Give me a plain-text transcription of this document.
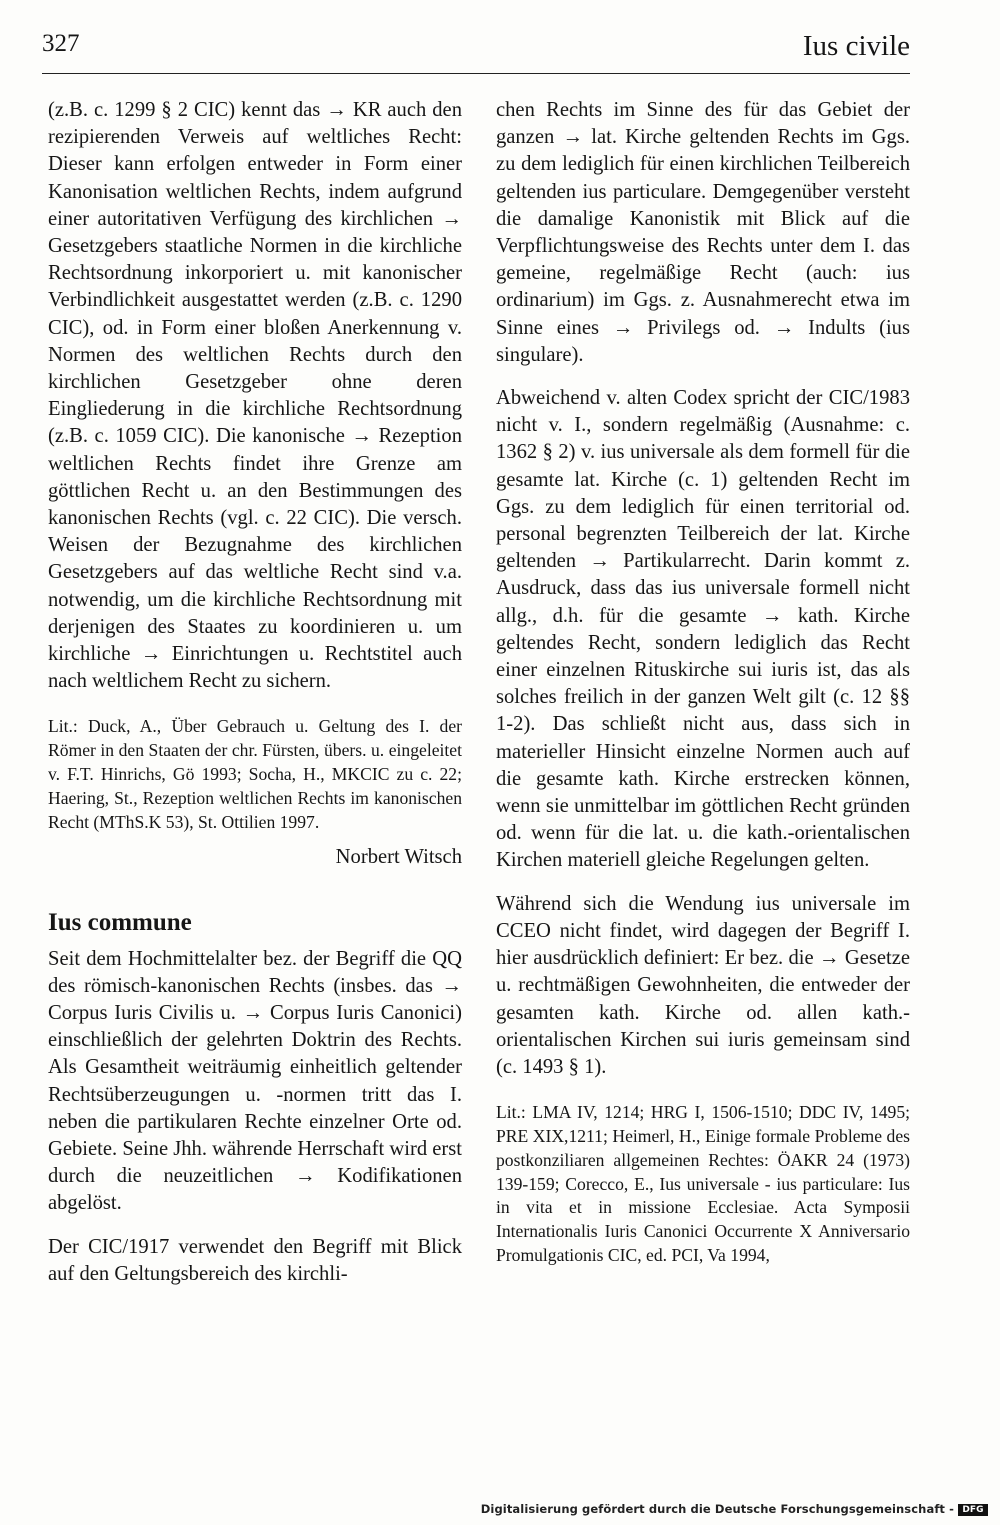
327	Ius civile

(z.B. c. 1299 § 2 CIC) kennt das → KR auch den rezipierenden Verweis auf weltliches Recht: Dieser kann erfolgen entweder in Form einer Kanonisation weltlichen Rechts, indem aufgrund einer autoritativen Verfügung des kirchlichen → Gesetzgebers staatliche Normen in die kirchliche Rechtsordnung inkorporiert u. mit kanonischer Verbindlichkeit ausgestattet werden (z.B. c. 1290 CIC), od. in Form einer bloßen Anerkennung v. Normen des weltlichen Rechts durch den kirchlichen Gesetzgeber ohne deren Eingliederung in die kirchliche Rechtsordnung (z.B. c. 1059 CIC). Die kanonische → Rezeption weltlichen Rechts findet ihre Grenze am göttlichen Recht u. an den Bestimmungen des kanonischen Rechts (vgl. c. 22 CIC). Die versch. Weisen der Bezugnahme des kirchlichen Gesetzgebers auf das weltliche Recht sind v.a. notwendig, um die kirchliche Rechtsordnung mit derjenigen des Staates zu koordinieren u. um kirchliche → Einrichtungen u. Rechtstitel auch nach weltlichem Recht zu sichern.

Lit.: Duck, A., Über Gebrauch u. Geltung des I. der Römer in den Staaten der chr. Fürsten, übers. u. eingeleitet v. F.T. Hinrichs, Gö 1993; Socha, H., MKCIC zu c. 22; Haering, St., Rezeption weltlichen Rechts im kanonischen Recht (MThS.K 53), St. Ottilien 1997.

Norbert Witsch
Ius commune

Seit dem Hochmittelalter bez. der Begriff die QQ des römisch-kanonischen Rechts (insbes. das → Corpus Iuris Civilis u. → Corpus Iuris Canonici) einschließlich der gelehrten Doktrin des Rechts. Als Gesamtheit weiträumig einheitlich geltender Rechtsüberzeugungen u. -normen tritt das I. neben die partikularen Rechte einzelner Orte od. Gebiete. Seine Jhh. währende Herrschaft wird erst durch die neuzeitlichen → Kodifikationen abgelöst.

Der CIC/1917 verwendet den Begriff mit Blick auf den Geltungsbereich des kirchli-

chen Rechts im Sinne des für das Gebiet der ganzen → lat. Kirche geltenden Rechts im Ggs. zu dem lediglich für einen kirchlichen Teilbereich geltenden ius particulare. Demgegenüber versteht die damalige Kanonistik mit Blick auf die Verpflichtungsweise des Rechts unter dem I. das gemeine, regelmäßige Recht (auch: ius ordinarium) im Ggs. z. Ausnahmerecht etwa im Sinne eines → Privilegs od. → Indults (ius singulare).

Abweichend v. alten Codex spricht der CIC/1983 nicht v. I., sondern regelmäßig (Ausnahme: c. 1362 § 2) v. ius universale als dem formell für die gesamte lat. Kirche (c. 1) geltenden Recht im Ggs. zu dem lediglich für einen territorial od. personal begrenzten Teilbereich der lat. Kirche geltenden → Partikularrecht. Darin kommt z. Ausdruck, dass das ius universale formell nicht allg., d.h. für die gesamte → kath. Kirche geltendes Recht, sondern lediglich das Recht einer einzelnen Rituskirche sui iuris ist, das als solches freilich in der ganzen Welt gilt (c. 12 §§ 1-2). Das schließt nicht aus, dass sich in materieller Hinsicht einzelne Normen auch auf die gesamte kath. Kirche erstrecken können, wenn sie unmittelbar im göttlichen Recht gründen od. wenn für die lat. u. die kath.-orientalischen Kirchen materiell gleiche Regelungen gelten.

Während sich die Wendung ius universale im CCEO nicht findet, wird dagegen der Begriff I. hier ausdrücklich definiert: Er bez. die → Gesetze u. rechtmäßigen Gewohnheiten, die entweder der gesamten kath. Kirche od. allen kath.-orientalischen Kirchen sui iuris gemeinsam sind (c. 1493 § 1).

Lit.: LMA IV, 1214; HRG I, 1506-1510; DDC IV, 1495; PRE XIX,1211; Heimerl, H., Einige formale Probleme des postkonziliaren allgemeinen Rechtes: ÖAKR 24 (1973) 139-159; Corecco, E., Ius universale - ius particulare: Ius in vita et in missione Ecclesiae. Acta Symposii Internationalis Iuris Canonici Occurrente X Anniversario Promulgationis CIC, ed. PCI, Va 1994,

Digitalisierung gefördert durch die Deutsche Forschungsgemeinschaft - DFG
